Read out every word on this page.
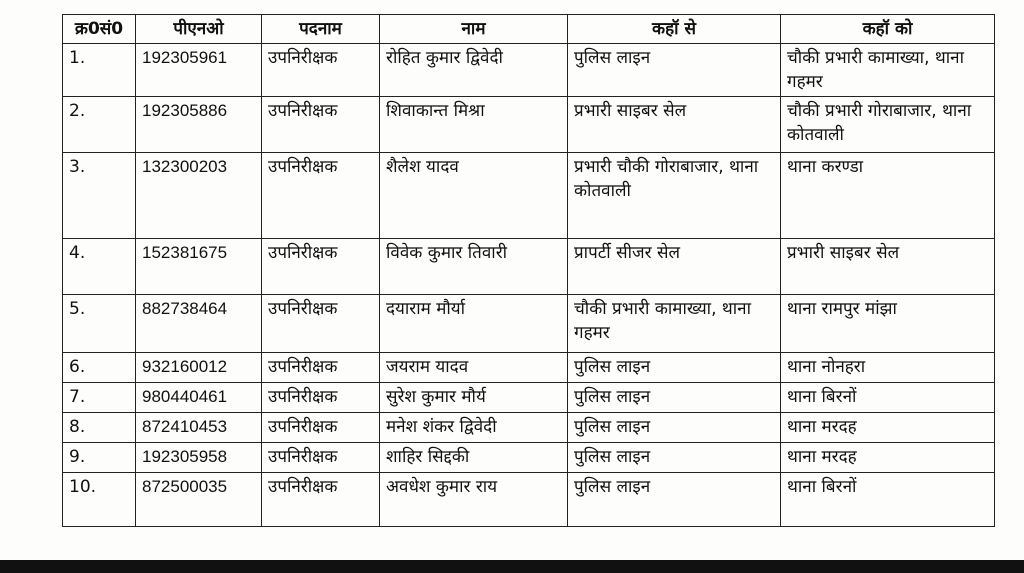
क्र0सं0	पीएनओ	पदनाम	नाम	कहॉ से	कहॉ को
1.	192305961	उपनिरीक्षक	रोहित कुमार द्विवेदी	पुलिस लाइन	चौकी प्रभारी कामाख्या, थाना गहमर
2.	192305886	उपनिरीक्षक	शिवाकान्त मिश्रा	प्रभारी साइबर सेल	चौकी प्रभारी गोराबाजार, थाना कोतवाली
3.	132300203	उपनिरीक्षक	शैलेश यादव	प्रभारी चौकी गोराबाजार, थाना कोतवाली	थाना करण्डा
4.	152381675	उपनिरीक्षक	विवेक कुमार तिवारी	प्रापर्टी सीजर सेल	प्रभारी साइबर सेल
5.	882738464	उपनिरीक्षक	दयाराम मौर्या	चौकी प्रभारी कामाख्या, थाना गहमर	थाना रामपुर मांझा
6.	932160012	उपनिरीक्षक	जयराम यादव	पुलिस लाइन	थाना नोनहरा
7.	980440461	उपनिरीक्षक	सुरेश कुमार मौर्य	पुलिस लाइन	थाना बिरनों
8.	872410453	उपनिरीक्षक	मनेश शंकर द्विवेदी	पुलिस लाइन	थाना मरदह
9.	192305958	उपनिरीक्षक	शाहिर सिद्दकी	पुलिस लाइन	थाना मरदह
10.	872500035	उपनिरीक्षक	अवधेश कुमार राय	पुलिस लाइन	थाना बिरनों
